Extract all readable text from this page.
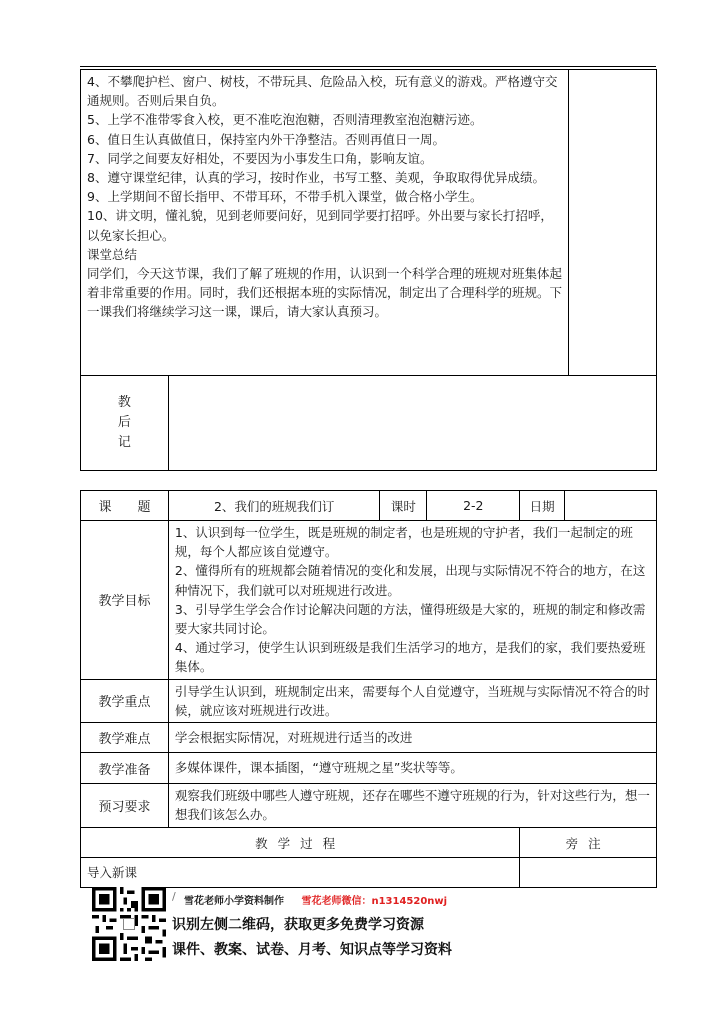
4、不攀爬护栏、窗户、树枝，不带玩具、危险品入校，玩有意义的游戏。严格遵守交通规则。否则后果自负。

5、上学不准带零食入校，更不准吃泡泡糖，否则清理教室泡泡糖污迹。

6、值日生认真做值日，保持室内外干净整洁。否则再值日一周。

7、同学之间要友好相处，不要因为小事发生口角，影响友谊。

8、遵守课堂纪律，认真的学习，按时作业，书写工整、美观，争取取得优异成绩。

9、上学期间不留长指甲、不带耳环，不带手机入课堂，做合格小学生。

10、讲文明，懂礼貌，见到老师要问好，见到同学要打招呼。外出要与家长打招呼，以免家长担心。

课堂总结

同学们，今天这节课，我们了解了班规的作用，认识到一个科学合理的班规对班集体起着非常重要的作用。同时，我们还根据本班的实际情况，制定出了合理科学的班规。下一课我们将继续学习这一课，课后，请大家认真预习。

教
后
记

课　　题	2、我们的班规我们订	课时	2-2	日期	
教学目标	1、认识到每一位学生，既是班规的制定者，也是班规的守护者，我们一起制定的班规，每个人都应该自觉遵守。
2、懂得所有的班规都会随着情况的变化和发展，出现与实际情况不符合的地方，在这种情况下，我们就可以对班规进行改进。
3、引导学生学会合作讨论解决问题的方法，懂得班级是大家的，班规的制定和修改需要大家共同讨论。
4、通过学习，使学生认识到班级是我们生活学习的地方，是我们的家，我们要热爱班集体。				

教学重点	引导学生认识到，班规制定出来，需要每个人自觉遵守，当班规与实际情况不符合的时候，就应该对班规进行改进。				
教学难点	学会根据实际情况，对班规进行适当的改进				
教学准备	多媒体课件，课本插图，“遵守班规之星”奖状等等。				
预习要求	观察我们班级中哪些人遵守班规，还存在哪些不遵守班规的行为，针对这些行为，想一想我们该怎么办。				
教学过程				旁注	
导入新课					
/ 雪花老师小学资料制作 雪花老师微信：n1314520nwj
识别左侧二维码，获取更多免费学习资源
课件、教案、试卷、月考、知识点等学习资料
